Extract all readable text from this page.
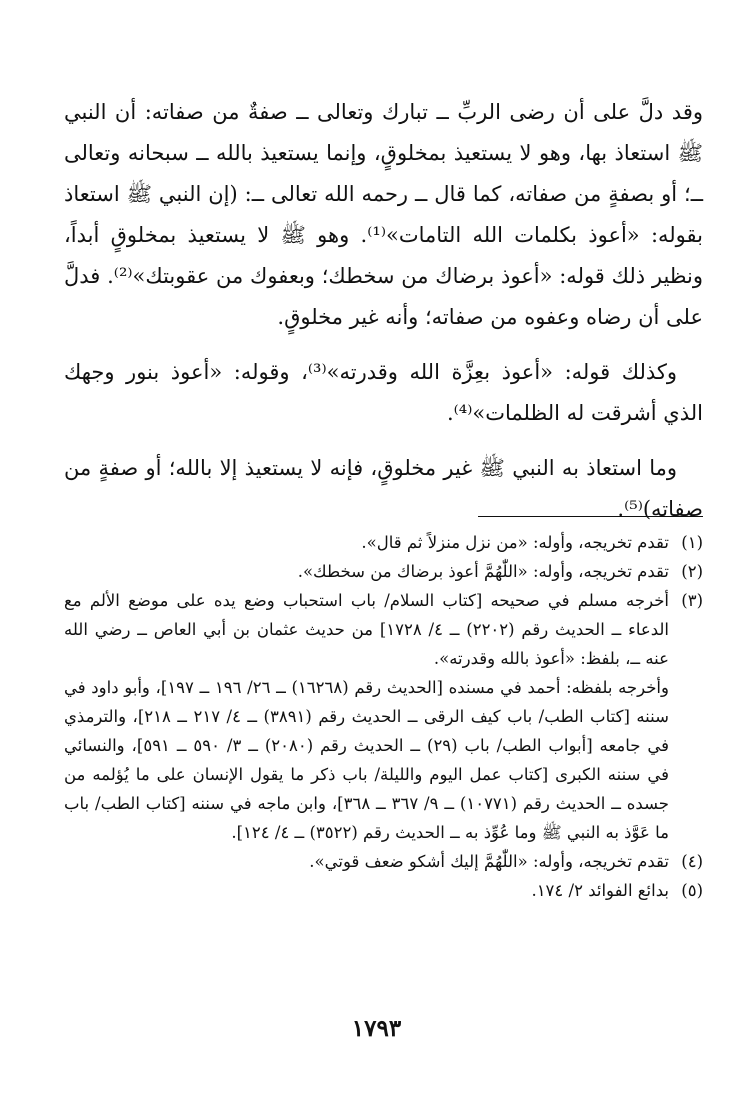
وقد دلَّ على أن رضى الربِّ ــ تبارك وتعالى ــ صفةٌ من صفاته: أن النبي ﷺ استعاذ بها، وهو لا يستعيذ بمخلوقٍ، وإنما يستعيذ بالله ــ سبحانه وتعالى ــ؛ أو بصفةٍ من صفاته، كما قال ــ رحمه الله تعالى ــ: (إن النبي ﷺ استعاذ بقوله: «أعوذ بكلمات الله التامات»⁽¹⁾. وهو ﷺ لا يستعيذ بمخلوقٍ أبداً، ونظير ذلك قوله: «أعوذ برضاك من سخطك؛ وبعفوك من عقوبتك»⁽²⁾. فدلَّ على أن رضاه وعفوه من صفاته؛ وأنه غير مخلوقٍ.

وكذلك قوله: «أعوذ بعِزَّة الله وقدرته»⁽³⁾، وقوله: «أعوذ بنور وجهك الذي أشرقت له الظلمات»⁽⁴⁾.

وما استعاذ به النبي ﷺ غير مخلوقٍ، فإنه لا يستعيذ إلا بالله؛ أو صفةٍ من صفاته)⁽⁵⁾.

(١)
تقدم تخريجه، وأوله: «من نزل منزلاً ثم قال».
(٢)
تقدم تخريجه، وأوله: «اللّٰهُمَّ أعوذ برضاك من سخطك».
(٣)
أخرجه مسلم في صحيحه [كتاب السلام/ باب استحباب وضع يده على موضع الألم مع الدعاء ــ الحديث رقم (٢٢٠٢) ــ ٤/ ١٧٢٨] من حديث عثمان بن أبي العاص ــ رضي الله عنه ــ، بلفظ: «أعوذ بالله وقدرته».
وأخرجه بلفظه: أحمد في مسنده [الحديث رقم (١٦٢٦٨) ــ ٢٦/ ١٩٦ ــ ١٩٧]، وأبو داود في سننه [كتاب الطب/ باب كيف الرقى ــ الحديث رقم (٣٨٩١) ــ ٤/ ٢١٧ ــ ٢١٨]، والترمذي في جامعه [أبواب الطب/ باب (٢٩) ــ الحديث رقم (٢٠٨٠) ــ ٣/ ٥٩٠ ــ ٥٩١]، والنسائي في سننه الكبرى [كتاب عمل اليوم والليلة/ باب ذكر ما يقول الإنسان على ما يُؤلمه من جسده ــ الحديث رقم (١٠٧٧١) ــ ٩/ ٣٦٧ ــ ٣٦٨]، وابن ماجه في سننه [كتاب الطب/ باب ما عَوَّذ به النبي ﷺ وما عُوِّذ به ــ الحديث رقم (٣٥٢٢) ــ ٤/ ١٢٤].
(٤)
تقدم تخريجه، وأوله: «اللّٰهُمَّ إليك أشكو ضعف قوتي».
(٥)
بدائع الفوائد ٢/ ١٧٤.
١٧٩٣
